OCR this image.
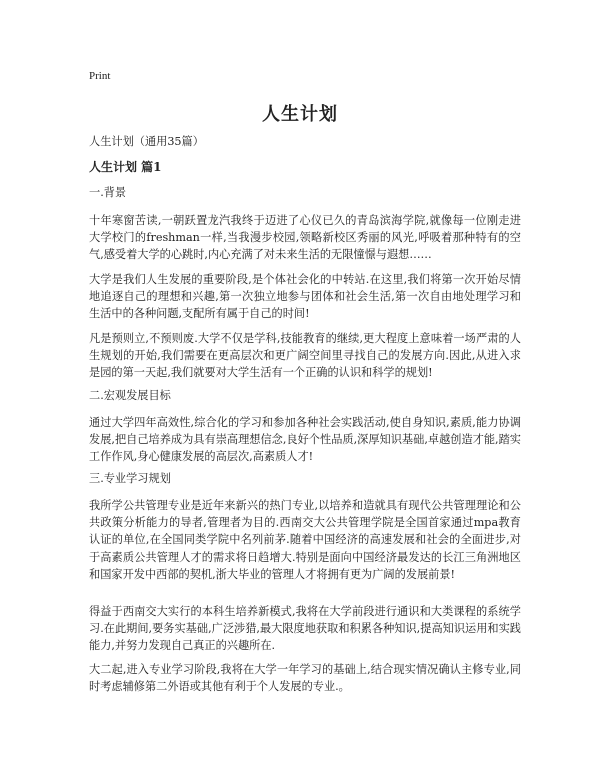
Print
人生计划
人生计划（通用35篇）
人生计划 篇1
一.背景
十年寒窗苦读,一朝跃置龙汽我终于迈进了心仪已久的青岛滨海学院,就像每一位刚走进大学校门的freshman一样,当我漫步校园,领略新校区秀丽的风光,呼吸着那种特有的空气,感受着大学的心跳时,内心充满了对未来生活的无限憧憬与遐想……
大学是我们人生发展的重要阶段,是个体社会化的中转站.在这里,我们将第一次开始尽情地追逐自己的理想和兴趣,第一次独立地参与团体和社会生活,第一次自由地处理学习和生活中的各种问题,支配所有属于自己的时间!
凡是预则立,不预则废.大学不仅是学科,技能教育的继续,更大程度上意味着一场严肃的人生规划的开始,我们需要在更高层次和更广阔空间里寻找自己的发展方向.因此,从进入求是园的第一天起,我们就要对大学生活有一个正确的认识和科学的规划!
二.宏观发展目标
通过大学四年高效性,综合化的学习和参加各种社会实践活动,使自身知识,素质,能力协调发展,把自己培养成为具有崇高理想信念,良好个性品质,深厚知识基础,卓越创造才能,踏实工作作风,身心健康发展的高层次,高素质人才!
三.专业学习规划
我所学公共管理专业是近年来新兴的热门专业,以培养和造就具有现代公共管理理论和公共政策分析能力的导者,管理者为目的.西南交大公共管理学院是全国首家通过mpa教育认证的单位,在全国同类学院中名列前茅.随着中国经济的高速发展和社会的全面进步,对于高素质公共管理人才的需求将日趋增大.特别是面向中国经济最发达的长江三角洲地区和国家开发中西部的契机,浙大毕业的管理人才将拥有更为广阔的发展前景!
得益于西南交大实行的本科生培养新模式,我将在大学前段进行通识和大类课程的系统学习.在此期间,要务实基础,广泛涉猎,最大限度地获取和积累各种知识,提高知识运用和实践能力,并努力发现自己真正的兴趣所在.
大二起,进入专业学习阶段,我将在大学一年学习的基础上,结合现实情况确认主修专业,同时考虑辅修第二外语或其他有利于个人发展的专业.。
